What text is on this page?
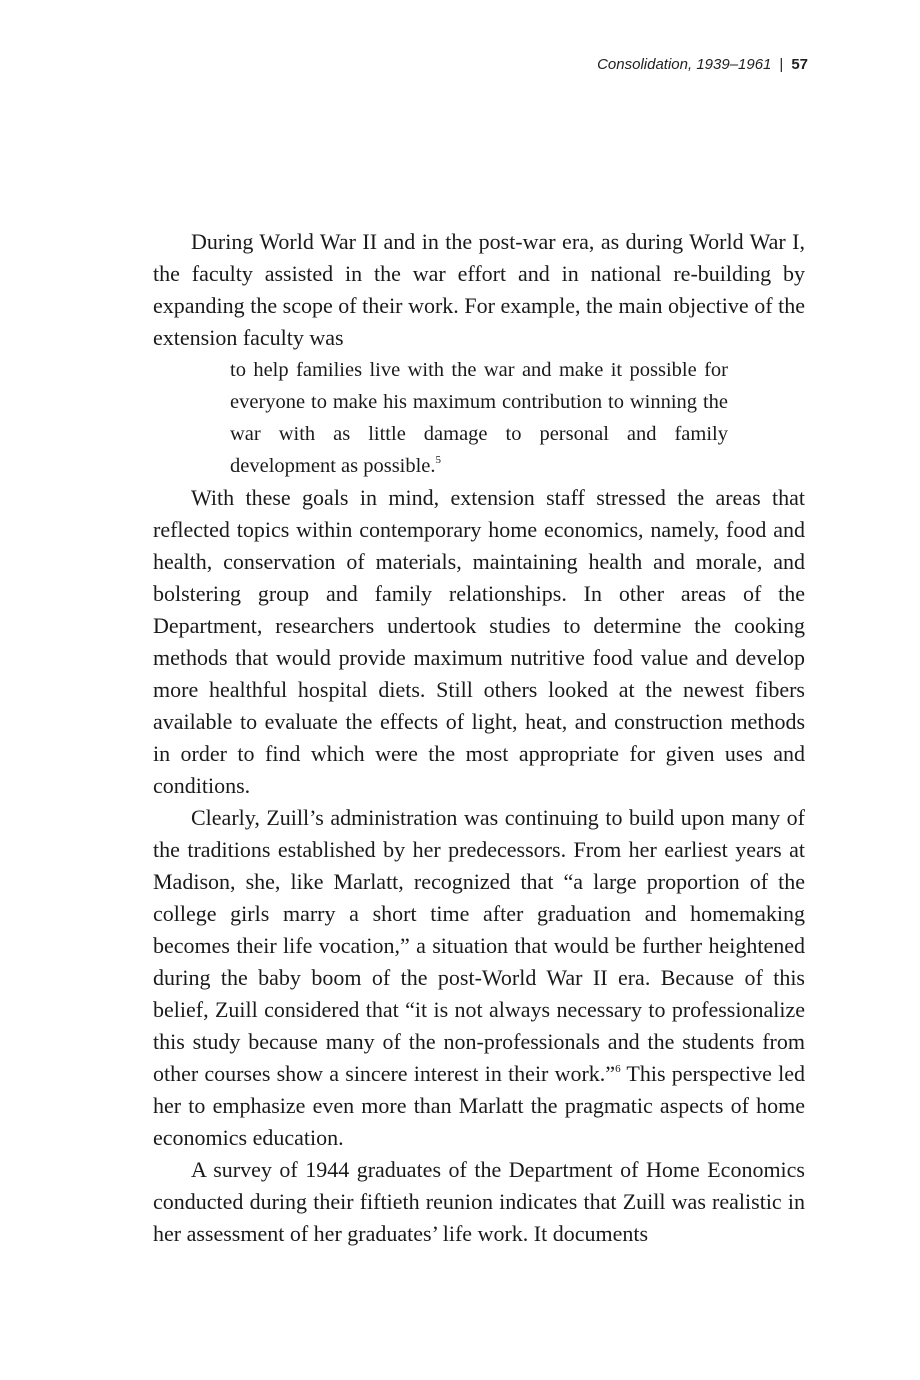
Consolidation, 1939–1961 | 57

During World War II and in the post-war era, as during World War I, the faculty assisted in the war effort and in national re-building by expanding the scope of their work. For example, the main objective of the extension faculty was

to help families live with the war and make it possible for everyone to make his maximum contribution to winning the war with as little damage to personal and family development as possible.$^5$

With these goals in mind, extension staff stressed the areas that reflected topics within contemporary home economics, namely, food and health, conservation of materials, maintaining health and morale, and bolstering group and family relationships. In other areas of the Department, researchers undertook studies to determine the cooking methods that would provide maximum nutritive food value and develop more healthful hospital diets. Still others looked at the newest fibers available to evaluate the effects of light, heat, and construction methods in order to find which were the most appropriate for given uses and conditions.

Clearly, Zuill’s administration was continuing to build upon many of the traditions established by her predecessors. From her earliest years at Madison, she, like Marlatt, recognized that “a large proportion of the college girls marry a short time after graduation and homemaking becomes their life vocation,” a situation that would be further heightened during the baby boom of the post-World War II era. Because of this belief, Zuill considered that “it is not always necessary to professionalize this study because many of the non-professionals and the students from other courses show a sincere interest in their work.”$^6$ This perspective led her to emphasize even more than Marlatt the pragmatic aspects of home economics education.

A survey of 1944 graduates of the Department of Home Economics conducted during their fiftieth reunion indicates that Zuill was realistic in her assessment of her graduates’ life work. It documents
